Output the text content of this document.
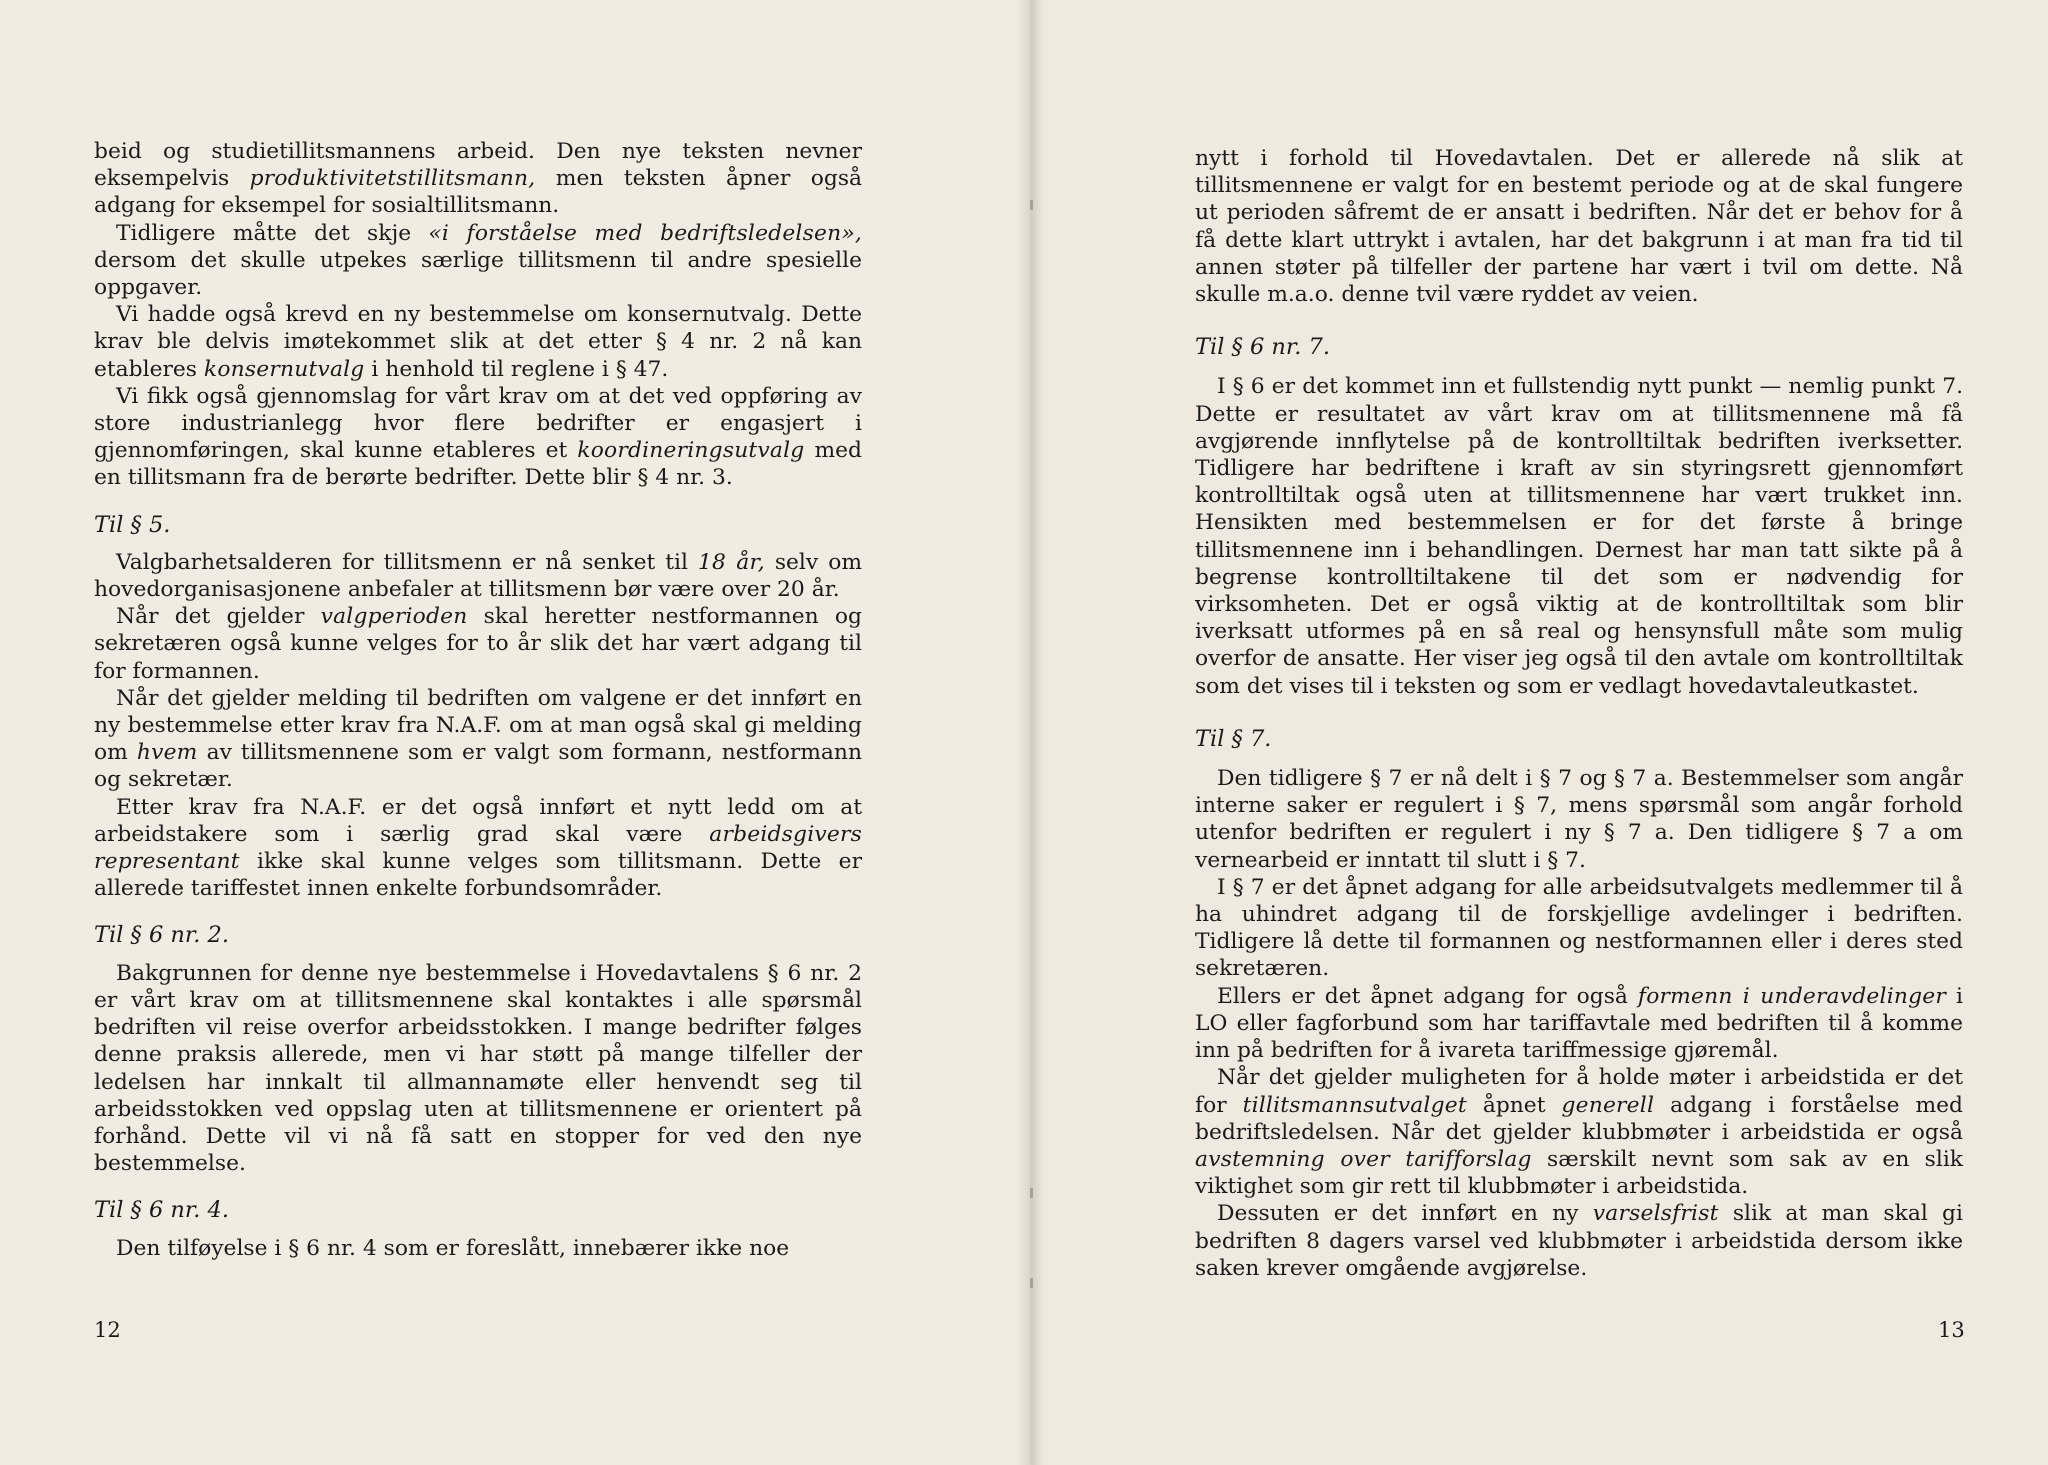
beid og studietillitsmannens arbeid. Den nye teksten nevner eksempelvis produktivitetstillitsmann, men teksten åpner også adgang for eksempel for sosialtillitsmann.

Tidligere måtte det skje «i forståelse med bedriftsledelsen», dersom det skulle utpekes særlige tillitsmenn til andre spesielle oppgaver.

Vi hadde også krevd en ny bestemmelse om konsernutvalg. Dette krav ble delvis imøtekommet slik at det etter § 4 nr. 2 nå kan etableres konsernutvalg i henhold til reglene i § 47.

Vi fikk også gjennomslag for vårt krav om at det ved oppføring av store industrianlegg hvor flere bedrifter er engasjert i gjennomføringen, skal kunne etableres et koordineringsutvalg med en tillitsmann fra de berørte bedrifter. Dette blir § 4 nr. 3.

Til § 5.

Valgbarhetsalderen for tillitsmenn er nå senket til 18 år, selv om hovedorganisasjonene anbefaler at tillitsmenn bør være over 20 år.

Når det gjelder valgperioden skal heretter nestformannen og sekretæren også kunne velges for to år slik det har vært adgang til for formannen.

Når det gjelder melding til bedriften om valgene er det innført en ny bestemmelse etter krav fra N.A.F. om at man også skal gi melding om hvem av tillitsmennene som er valgt som formann, nestformann og sekretær.

Etter krav fra N.A.F. er det også innført et nytt ledd om at arbeidstakere som i særlig grad skal være arbeidsgivers representant ikke skal kunne velges som tillitsmann. Dette er allerede tariffestet innen enkelte forbundsområder.

Til § 6 nr. 2.

Bakgrunnen for denne nye bestemmelse i Hovedavtalens § 6 nr. 2 er vårt krav om at tillitsmennene skal kontaktes i alle spørsmål bedriften vil reise overfor arbeidsstokken. I mange bedrifter følges denne praksis allerede, men vi har støtt på mange tilfeller der ledelsen har innkalt til allmannamøte eller henvendt seg til arbeidsstokken ved oppslag uten at tillitsmennene er orientert på forhånd. Dette vil vi nå få satt en stopper for ved den nye bestemmelse.

Til § 6 nr. 4.

Den tilføyelse i § 6 nr. 4 som er foreslått, innebærer ikke noe

12

nytt i forhold til Hovedavtalen. Det er allerede nå slik at tillitsmennene er valgt for en bestemt periode og at de skal fungere ut perioden såfremt de er ansatt i bedriften. Når det er behov for å få dette klart uttrykt i avtalen, har det bakgrunn i at man fra tid til annen støter på tilfeller der partene har vært i tvil om dette. Nå skulle m.a.o. denne tvil være ryddet av veien.

Til § 6 nr. 7.

I § 6 er det kommet inn et fullstendig nytt punkt — nemlig punkt 7. Dette er resultatet av vårt krav om at tillitsmennene må få avgjørende innflytelse på de kontrolltiltak bedriften iverksetter. Tidligere har bedriftene i kraft av sin styringsrett gjennomført kontrolltiltak også uten at tillitsmennene har vært trukket inn. Hensikten med bestemmelsen er for det første å bringe tillitsmennene inn i behandlingen. Dernest har man tatt sikte på å begrense kontrolltiltakene til det som er nødvendig for virksomheten. Det er også viktig at de kontrolltiltak som blir iverksatt utformes på en så real og hensynsfull måte som mulig overfor de ansatte. Her viser jeg også til den avtale om kontrolltiltak som det vises til i teksten og som er vedlagt hovedavtaleutkastet.

Til § 7.

Den tidligere § 7 er nå delt i § 7 og § 7 a. Bestemmelser som angår interne saker er regulert i § 7, mens spørsmål som angår forhold utenfor bedriften er regulert i ny § 7 a. Den tidligere § 7 a om vernearbeid er inntatt til slutt i § 7.

I § 7 er det åpnet adgang for alle arbeidsutvalgets medlemmer til å ha uhindret adgang til de forskjellige avdelinger i bedriften. Tidligere lå dette til formannen og nestformannen eller i deres sted sekretæren.

Ellers er det åpnet adgang for også formenn i underavdelinger i LO eller fagforbund som har tariffavtale med bedriften til å komme inn på bedriften for å ivareta tariffmessige gjøremål.

Når det gjelder muligheten for å holde møter i arbeidstida er det for tillitsmannsutvalget åpnet generell adgang i forståelse med bedriftsledelsen. Når det gjelder klubbmøter i arbeidstida er også avstemning over tarifforslag særskilt nevnt som sak av en slik viktighet som gir rett til klubbmøter i arbeidstida.

Dessuten er det innført en ny varselsfrist slik at man skal gi bedriften 8 dagers varsel ved klubbmøter i arbeidstida dersom ikke saken krever omgående avgjørelse.

13
